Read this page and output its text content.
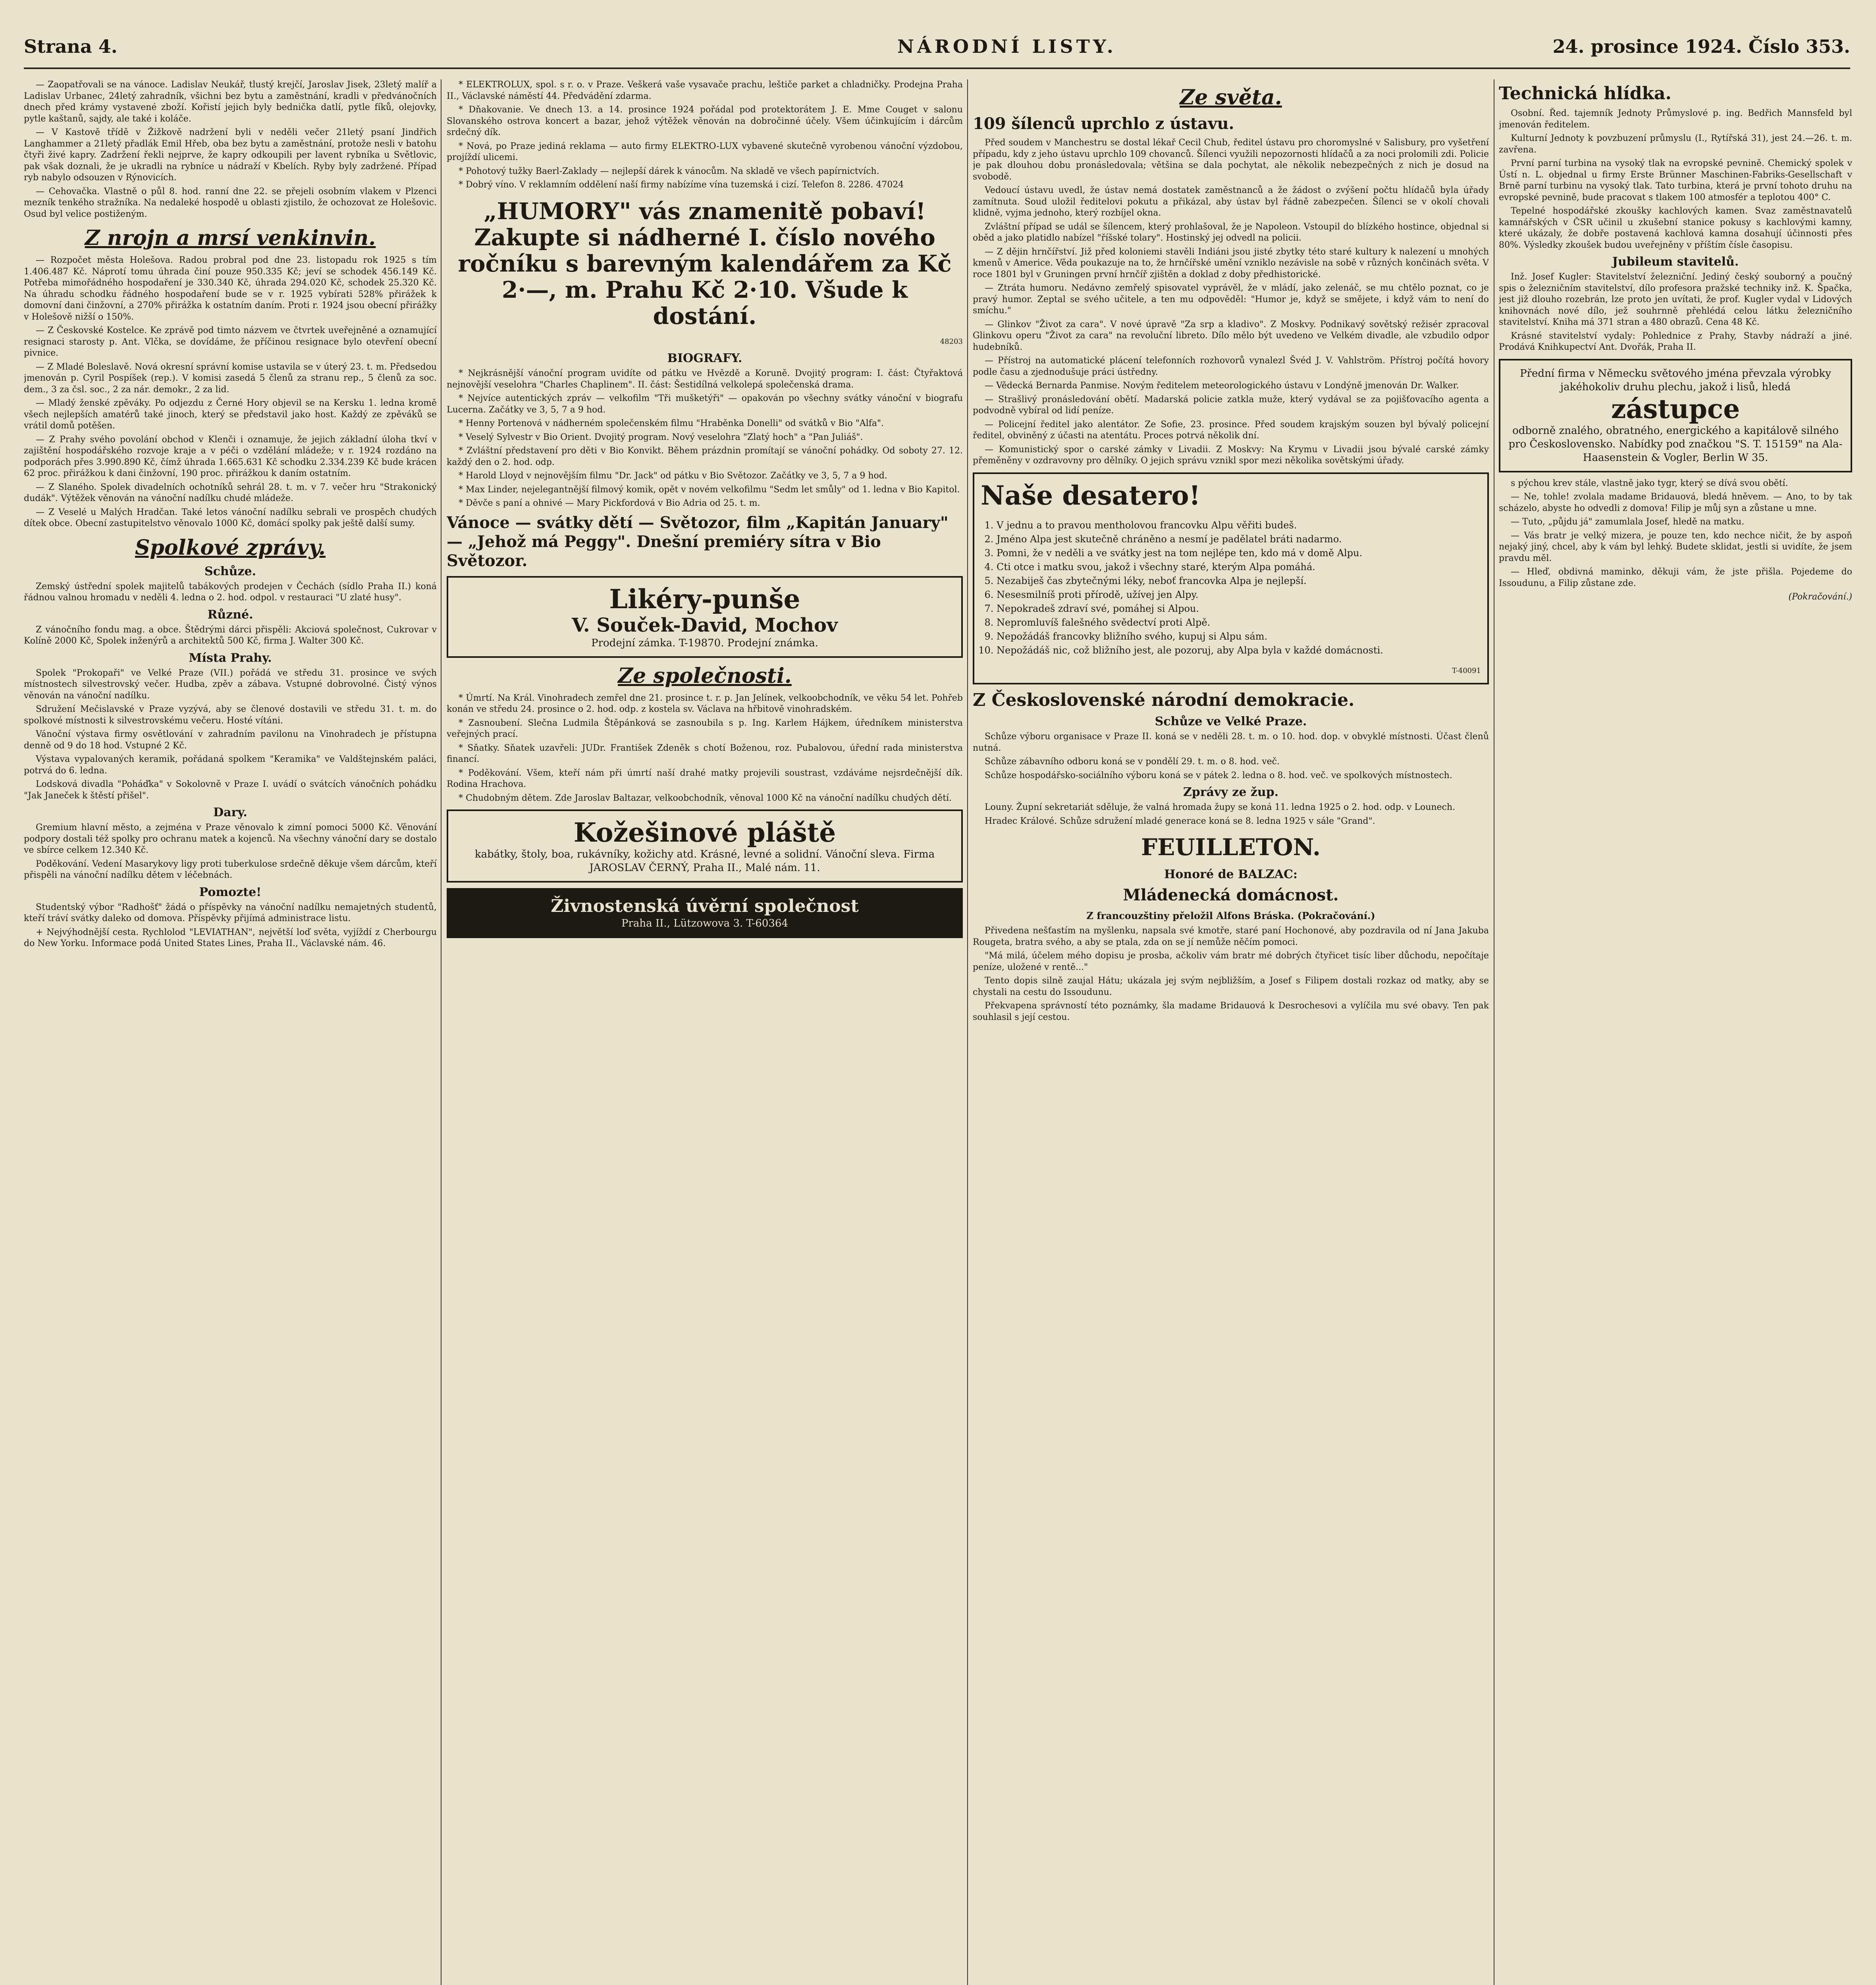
Strana 4.	NÁRODNÍ LISTY.	24. prosince 1924. Číslo 353.

— Zaopatřovali se na vánoce. Ladislav Neukář, tlustý krejčí, Jaroslav Jisek, 23letý malíř a Ladislav Urbanec, 24letý zahradník, všichni bez bytu a zaměstnání, kradli v předvánočních dnech před krámy vystavené zboží. Kořistí jejich byly bednička datlí, pytle fíků, olejovky, pytle kaštanů, sajdy, ale také i koláče.

— V Kastově třídě v Žižkově nadržení byli v neděli večer 21letý psaní Jindřich Langhammer a 21letý přadlák Emil Hřeb, oba bez bytu a zaměstnání, protože nesli v batohu čtyři živé kapry. Zadržení řekli nejprve, že kapry odkoupili per lavent rybníka u Světlovic, pak však doznali, že je ukradli na rybníce u nádraží v Kbelích. Ryby byly zadržené. Případ ryb nabylo odsouzen v Rýnovicích.

— Cehovačka. Vlastně o půl 8. hod. ranní dne 22. se přejeli osobním vlakem v Plzenci mezník tenkého stražníka. Na nedaleké hospodě u oblasti zjistilo, že ochozovat ze Holešovic. Osud byl velice postiženým.

Z nrojn a mrsí venkinvin.

— Rozpočet města Holešova. Radou probral pod dne 23. listopadu rok 1925 s tím 1.406.487 Kč. Náprotí tomu úhrada činí pouze 950.335 Kč; jeví se schodek 456.149 Kč. Potřeba mimořádného hospodaření je 330.340 Kč, úhrada 294.020 Kč, schodek 25.320 Kč. Na úhradu schodku řádného hospodaření bude se v r. 1925 vybírati 528% přirážek k domovní dani činžovní, a 270% přirážka k ostatním daním. Proti r. 1924 jsou obecní přirážky v Holešově nižší o 150%.

— Z Českovské Kostelce. Ke zprávě pod timto názvem ve čtvrtek uveřejněné a oznamující resignaci starosty p. Ant. Vlčka, se dovídáme, že příčinou resignace bylo otevření obecní pivnice.

— Z Mladé Boleslavě. Nová okresní správní komise ustavila se v úterý 23. t. m. Předsedou jmenován p. Cyril Pospíšek (rep.). V komisi zasedá 5 členů za stranu rep., 5 členů za soc. dem., 3 za čsl. soc., 2 za nár. demokr., 2 za lid.

— Mladý ženské zpěváky. Po odjezdu z Černé Hory objevil se na Kersku 1. ledna kromě všech nejlepších amatérů také jinoch, který se představil jako host. Každý ze zpěváků se vrátil domů potěšen.

— Z Prahy svého povolání obchod v Klenči i oznamuje, že jejich základní úloha tkví v zajištění hospodářského rozvoje kraje a v péči o vzdělání mládeže; v r. 1924 rozdáno na podporách přes 3.990.890 Kč, čímž úhrada 1.665.631 Kč schodku 2.334.239 Kč bude krácen 62 proc. přirážkou k dani činžovní, 190 proc. přirážkou k daním ostatním.

— Z Slaného. Spolek divadelních ochotníků sehrál 28. t. m. v 7. večer hru "Strakonický dudák". Výtěžek věnován na vánoční nadílku chudé mládeže.

— Z Veselé u Malých Hradčan. Také letos vánoční nadílku sebrali ve prospěch chudých dítek obce. Obecní zastupitelstvo věnovalo 1000 Kč, domácí spolky pak ještě další sumy.

Spolkové zprávy.
Schůze.

Zemský ústřední spolek majitelů tabákových prodejen v Čechách (sídlo Praha II.) koná řádnou valnou hromadu v neděli 4. ledna o 2. hod. odpol. v restauraci "U zlaté husy".

Různé.

Z vánočního fondu mag. a obce. Štědrými dárci přispěli: Akciová společnost, Cukrovar v Kolíně 2000 Kč, Spolek inženýrů a architektů 500 Kč, firma J. Walter 300 Kč.

Místa Prahy.

Spolek "Prokopaři" ve Velké Praze (VII.) pořádá ve středu 31. prosince ve svých místnostech silvestrovský večer. Hudba, zpěv a zábava. Vstupné dobrovolné. Čistý výnos věnován na vánoční nadílku.

Sdružení Mečislavské v Praze vyzývá, aby se členové dostavili ve středu 31. t. m. do spolkové místnosti k silvestrovskému večeru. Hosté vítáni.

Vánoční výstava firmy osvětlování v zahradním pavilonu na Vinohradech je přístupna denně od 9 do 18 hod. Vstupné 2 Kč.

Výstava vypalovaných keramik, pořádaná spolkem "Keramika" ve Valdštejnském paláci, potrvá do 6. ledna.

Lodsková divadla "Poháďka" v Sokolovně v Praze I. uvádí o svátcích vánočních pohádku "Jak Janeček k štěstí přišel".

Dary.

Gremium hlavní město, a zejména v Praze věnovalo k zimní pomoci 5000 Kč. Věnování podpory dostali též spolky pro ochranu matek a kojenců. Na všechny vánoční dary se dostalo ve sbírce celkem 12.340 Kč.

Poděkování. Vedení Masarykovy ligy proti tuberkulose srdečně děkuje všem dárcům, kteří přispěli na vánoční nadílku dětem v léčebnách.

Pomozte!

Studentský výbor "Radhošť" žádá o příspěvky na vánoční nadílku nemajetných studentů, kteří tráví svátky daleko od domova. Příspěvky přijímá administrace listu.

+ Nejvýhodnější cesta. Rychlolod "LEVIATHAN", největší loď světa, vyjíždí z Cherbourgu do New Yorku. Informace podá United States Lines, Praha II., Václavské nám. 46.

* ELEKTROLUX, spol. s r. o. v Praze. Veškerá vaše vysavače prachu, leštiče parket a chladničky. Prodejna Praha II., Václavské náměstí 44. Předvádění zdarma.

* Dňakovanie. Ve dnech 13. a 14. prosince 1924 pořádal pod protektorátem J. E. Mme Couget v salonu Slovanského ostrova koncert a bazar, jehož výtěžek věnován na dobročinné účely. Všem účinkujícím i dárcům srdečný dík.

* Nová, po Praze jediná reklama — auto firmy ELEKTRO-LUX vybavené skutečně vyrobenou vánoční výzdobou, projíždí ulicemi.

* Pohotový tužky Baerl-Zaklady — nejlepší dárek k vánocům. Na skladě ve všech papírnictvích.

* Dobrý víno. V reklamním oddělení naší firmy nabízíme vína tuzemská i cizí. Telefon 8. 2286. 47024

„HUMORY" vás znamenitě pobaví! Zakupte si nádherné I. číslo nového ročníku s barevným kalendářem za Kč 2·—, m. Prahu Kč 2·10. Všude k dostání.
48203
BIOGRAFY.

* Nejkrásnější vánoční program uvidíte od pátku ve Hvězdě a Koruně. Dvojitý program: I. část: Čtyřaktová nejnovější veselohra "Charles Chaplinem". II. část: Šestidílná velkolepá společenská drama.

* Nejvíce autentických zpráv — velkofilm "Tři mušketýři" — opakován po všechny svátky vánoční v biografu Lucerna. Začátky ve 3, 5, 7 a 9 hod.

* Henny Portenová v nádherném společenském filmu "Hraběnka Donelli" od svátků v Bio "Alfa".

* Veselý Sylvestr v Bio Orient. Dvojitý program. Nový veselohra "Zlatý hoch" a "Pan Juliáš".

* Zvláštní představení pro děti v Bio Konvikt. Během prázdnin promítají se vánoční pohádky. Od soboty 27. 12. každý den o 2. hod. odp.

* Harold Lloyd v nejnovějším filmu "Dr. Jack" od pátku v Bio Světozor. Začátky ve 3, 5, 7 a 9 hod.

* Max Linder, nejelegantnější filmový komik, opět v novém velkofilmu "Sedm let smůly" od 1. ledna v Bio Kapitol.

* Děvče s paní a ohnivé — Mary Pickfordová v Bio Adria od 25. t. m.

Vánoce — svátky dětí — Světozor, film „Kapitán January" — „Jehož má Peggy". Dnešní premiéry sítra v Bio Světozor.
Likéry-punše
V. Souček-David, Mochov
Prodejní zámka. T-19870. Prodejní známka.
Ze společnosti.

* Úmrtí. Na Král. Vinohradech zemřel dne 21. prosince t. r. p. Jan Jelínek, velkoobchodník, ve věku 54 let. Pohřeb konán ve středu 24. prosince o 2. hod. odp. z kostela sv. Václava na hřbitově vinohradském.

* Zasnoubení. Slečna Ludmila Štěpánková se zasnoubila s p. Ing. Karlem Hájkem, úředníkem ministerstva veřejných prací.

* Sňatky. Sňatek uzavřeli: JUDr. František Zdeněk s chotí Boženou, roz. Pubalovou, úřední rada ministerstva financí.

* Poděkování. Všem, kteří nám při úmrtí naší drahé matky projevili soustrast, vzdáváme nejsrdečnější dík. Rodina Hrachova.

* Chudobným dětem. Zde Jaroslav Baltazar, velkoobchodník, věnoval 1000 Kč na vánoční nadílku chudých dětí.

Kožešinové pláště
kabátky, štoly, boa, rukávníky, kožichy atd. Krásné, levné a solidní. Vánoční sleva. Firma JAROSLAV ČERNÝ, Praha II., Malé nám. 11.
Živnostenská úvěrní společnost
Praha II., Lützowova 3. T-60364
Ze světa.
109 šílenců uprchlo z ústavu.

Před soudem v Manchestru se dostal lékař Cecil Chub, ředitel ústavu pro choromyslné v Salisbury, pro vyšetření případu, kdy z jeho ústavu uprchlo 109 chovanců. Šílenci využili nepozornosti hlídačů a za noci prolomili zdi. Policie je pak dlouhou dobu pronásledovala; většina se dala pochytat, ale několik nebezpečných z nich je dosud na svobodě.

Vedoucí ústavu uvedl, že ústav nemá dostatek zaměstnanců a že žádost o zvýšení počtu hlídačů byla úřady zamítnuta. Soud uložil ředitelovi pokutu a přikázal, aby ústav byl řádně zabezpečen. Šílenci se v okolí chovali klidně, vyjma jednoho, který rozbíjel okna.

Zvláštní případ se udál se šílencem, který prohlašoval, že je Napoleon. Vstoupil do blízkého hostince, objednal si oběd a jako platidlo nabízel "říšské tolary". Hostinský jej odvedl na policii.

— Z dějin hrnčířství. Již před koloniemi stavěli Indiáni jsou jisté zbytky této staré kultury k nalezení u mnohých kmenů v Americe. Věda poukazuje na to, že hrnčířské umění vzniklo nezávisle na sobě v různých končinách světa. V roce 1801 byl v Gruningen první hrnčíř zjištěn a doklad z doby předhistorické.

— Ztráta humoru. Nedávno zemřelý spisovatel vyprávěl, že v mládí, jako zelenáč, se mu chtělo poznat, co je pravý humor. Zeptal se svého učitele, a ten mu odpověděl: "Humor je, když se smějete, i když vám to není do smíchu."

— Glinkov "Život za cara". V nové úpravě "Za srp a kladivo". Z Moskvy. Podnikavý sovětský režisér zpracoval Glinkovu operu "Život za cara" na revoluční libreto. Dílo mělo být uvedeno ve Velkém divadle, ale vzbudilo odpor hudebníků.

— Přístroj na automatické plácení telefonních rozhovorů vynalezl Švéd J. V. Vahlström. Přístroj počítá hovory podle času a zjednodušuje práci ústředny.

— Vědecká Bernarda Panmise. Novým ředitelem meteorologického ústavu v Londýně jmenován Dr. Walker.

— Strašlivý pronásledování obětí. Madarská policie zatkla muže, který vydával se za pojišťovacího agenta a podvodně vybíral od lidí peníze.

— Policejní ředitel jako alentátor. Ze Sofie, 23. prosince. Před soudem krajským souzen byl bývalý policejní ředitel, obviněný z účasti na atentátu. Proces potrvá několik dní.

— Komunistický spor o carské zámky v Livadii. Z Moskvy: Na Krymu v Livadii jsou bývalé carské zámky přeměněny v ozdravovny pro dělníky. O jejich správu vznikl spor mezi několika sovětskými úřady.

Naše desatero!
1. V jednu a to pravou mentholovou francovku Alpu věřiti budeš.
2. Jméno Alpa jest skutečně chráněno a nesmí je padělatel bráti nadarmo.
3. Pomni, že v neděli a ve svátky jest na tom nejlépe ten, kdo má v domě Alpu.
4. Cti otce i matku svou, jakož i všechny staré, kterým Alpa pomáhá.
5. Nezabiješ čas zbytečnými léky, neboť francovka Alpa je nejlepší.
6. Nesesmilníš proti přírodě, užívej jen Alpy.
7. Nepokradeš zdraví své, pomáhej si Alpou.
8. Nepromluvíš falešného svědectví proti Alpě.
9. Nepožádáš francovky bližního svého, kupuj si Alpu sám.
10. Nepožádáš nic, což bližního jest, ale pozoruj, aby Alpa byla v každé domácnosti.
T-40091
Z Československé národní demokracie.
Schůze ve Velké Praze.

Schůze výboru organisace v Praze II. koná se v neděli 28. t. m. o 10. hod. dop. v obvyklé místnosti. Účast členů nutná.

Schůze zábavního odboru koná se v pondělí 29. t. m. o 8. hod. več.

Schůze hospodářsko-sociálního výboru koná se v pátek 2. ledna o 8. hod. več. ve spolkových místnostech.

Zprávy ze žup.

Louny. Župní sekretariát sděluje, že valná hromada župy se koná 11. ledna 1925 o 2. hod. odp. v Lounech.

Hradec Králové. Schůze sdružení mladé generace koná se 8. ledna 1925 v sále "Grand".

FEUILLETON.
Honoré de BALZAC:
Mládenecká domácnost.
Z francouzštiny přeložil Alfons Bráska. (Pokračování.)

Přivedena nešťastím na myšlenku, napsala své kmotře, staré paní Hochonové, aby pozdravila od ní Jana Jakuba Rougeta, bratra svého, a aby se ptala, zda on se jí nemůže něčím pomoci.

"Má milá, účelem mého dopisu je prosba, ačkoliv vám bratr mé dobrých čtyřicet tisíc liber důchodu, nepočítaje peníze, uložené v rentě..."

Tento dopis silně zaujal Hátu; ukázala jej svým nejbližším, a Josef s Filipem dostali rozkaz od matky, aby se chystali na cestu do Issoudunu.

Překvapena správností této poznámky, šla madame Bridauová k Desrochesovi a vylíčila mu své obavy. Ten pak souhlasil s její cestou.

Technická hlídka.

Osobní. Řed. tajemník Jednoty Průmyslové p. ing. Bedřich Mannsfeld byl jmenován ředitelem.

Kulturní Jednoty k povzbuzení průmyslu (I., Rytířská 31), jest 24.—26. t. m. zavřena.

První parní turbina na vysoký tlak na evropské pevnině. Chemický spolek v Ústí n. L. objednal u firmy Erste Brünner Maschinen-Fabriks-Gesellschaft v Brně parní turbinu na vysoký tlak. Tato turbina, která je první tohoto druhu na evropské pevnině, bude pracovat s tlakem 100 atmosfér a teplotou 400° C.

Tepelné hospodářské zkoušky kachlových kamen. Svaz zaměstnavatelů kamnářských v ČSR učinil u zkušební stanice pokusy s kachlovými kamny, které ukázaly, že dobře postavená kachlová kamna dosahují účinnosti přes 80%. Výsledky zkoušek budou uveřejněny v příštím čísle časopisu.

Jubileum stavitelů.

Inž. Josef Kugler: Stavitelství železniční. Jediný český souborný a poučný spis o železničním stavitelství, dílo profesora pražské techniky inž. K. Špačka, jest již dlouho rozebrán, lze proto jen uvítati, že prof. Kugler vydal v Lidových knihovnách nové dílo, jež souhrnně přehlédá celou látku železničního stavitelství. Kniha má 371 stran a 480 obrazů. Cena 48 Kč.

Krásné stavitelství vydaly: Pohlednice z Prahy, Stavby nádraží a jiné. Prodává Knihkupectví Ant. Dvořák, Praha II.

Přední firma v Německu světového jména převzala výrobky jakéhokoliv druhu plechu, jakož i lisů, hledá
zástupce
odborně znalého, obratného, energického a kapitálově silného pro Československo. Nabídky pod značkou "S. T. 15159" na Ala-Haasenstein & Vogler, Berlin W 35.

s pýchou krev stále, vlastně jako tygr, který se dívá svou obětí.

— Ne, tohle! zvolala madame Bridauová, bledá hněvem. — Ano, to by tak scházelo, abyste ho odvedli z domova! Filip je můj syn a zůstane u mne.

— Tuto, „půjdu já" zamumlala Josef, hledě na matku.

— Vás bratr je velký mizera, je pouze ten, kdo nechce ničit, že by aspoň nejaký jiný, chcel, aby k vám byl lehký. Budete sklidat, jestli si uvidíte, že jsem pravdu měl.

— Hleď, obdivná maminko, děkuji vám, že jste přišla. Pojedeme do Issoudunu, a Filip zůstane zde.

(Pokračování.)
